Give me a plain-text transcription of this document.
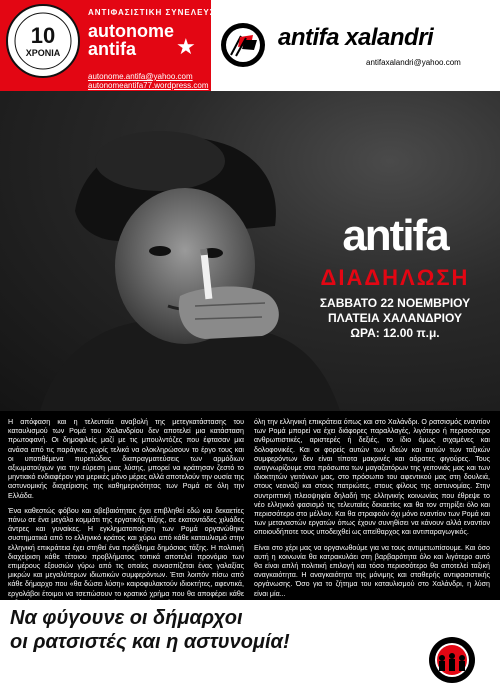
10
ΧΡΟΝΙΑ
ΑΝΤΙΦΑΣΙΣΤΙΚΗ ΣΥΝΕΛΕΥΣΗ
autonome
antifa	★
autonome.antifa@yahoo.com
autonomeantifa77.wordpress.com
antifa xalandri
antifaxalandri@yahoo.com
antifa
ΔΙΑΔΗΛΩΣΗ
ΣΑΒΒΑΤΟ 22 ΝΟΕΜΒΡΙΟΥ
ΠΛΑΤΕΙΑ ΧΑΛΑΝΔΡΙΟΥ
ΩΡΑ: 12.00 π.μ.

Η απόφαση και η τελευταία αναβολή της μετεγκατάστασης του καταυλισμού των Ρομά του Χαλανδρίου δεν αποτελεί μια κατάσταση πρωτοφανή. Οι δημοφιλείς μαζί με τις μπουλντόζες που έφτασαν μια ανάσα από τις παράγκες χωρίς τελικά να ολοκληρώσουν το έργο τους και οι υποτιθέμενα πυρετώδεις διαπραγματεύσεις των αρμόδιων αξιωματούχων για την εύρεση μιας λύσης, μπορεί να κράτησαν ζεστό το μηντιακό ενδιαφέρον για μερικές μόνο μέρες αλλά αποτελούν την ουσία της αστυνομικής διαχείρισης της καθημερινότητας των Ρομά σε όλη την Ελλάδα.

Ένα καθεστώς φόβου και αβεβαιότητας έχει επιβληθεί εδώ και δεκαετίες πάνω σε ένα μεγάλο κομμάτι της εργατικής τάξης, σε εκατοντάδες χιλιάδες άντρες και γυναίκες. Η εγκληματοποίηση των Ρομά οργανώθηκε συστηματικά από το ελληνικό κράτος και χύρω από κάθε καταυλισμό στην ελληνική επικράτεια έχει στηθεί ένα πρόβλημα δημόσιας τάξης. Η πολιτική διαχείριση κάθε τέτοιου προβλήματος τοπικά αποτελεί προνόμιο των επιμέρους εξουσιών γύρω από τις οποίες συνασπίζεται ένας γαλαξίας μικρών και μεγαλύτερων ιδιωτικών συμφερόντων. Έτσι λοιπόν πίσω από κάθε δήμαρχο που «θα δώσει λύση» καιροφυλακτούν ιδιοκτήτες, αφεντικά, εργολάβοι έτοιμοι να τσεπώσουν το κρατικό χρήμα που θα αποφέρει κάθε

όλη την ελληνική επικράτεια όπως και στο Χαλάνδρι. Ο ρατσισμός εναντίον των Ρομά μπορεί να έχει διάφορες παραλλαγές, λιγότερο ή περισσότερο ανθρωπιστικές, αριστερές ή δεξιές, το ίδιο όμως σιχαμένες και δολοφονικές. Και οι φορείς αυτών των ιδεών και αυτών των ταξικών συμφερόντων δεν είναι τίποτα μακρινές και αόρατες φιγούρες. Τους αναγνωρίζουμε στα πρόσωπα των μαγαζατόρων της γειτονιάς μας και των ιδιοκτητών γειτόνων μας, στο πρόσωπο του αφεντικού μας στη δουλειά, στους νεοναζί και στους πατριώτες, στους φίλους της αστυνομίας. Στην συντριπτική πλειοψηφία δηλαδή της ελληνικής κοινωνίας που έθρεψε το νέο ελληνικό φασισμό τις τελευταίες δεκαετίες και θα τον στηρίξει όλο και περισσότερο στο μέλλον. Και θα στραφούν όχι μόνο εναντίον των Ρομά και των μεταναστών εργατών όπως έχουν συνηθίσει να κάνουν αλλά εναντίον οποιουδήποτε τους υποδειχθεί ως απείθαρχος και αντιπαραγωγικός.

Είναι στο χέρι μας να οργανωθούμε για να τους αντιμετωπίσουμε. Και όσο αυτή η κοινωνία θα κατρακυλάει στη βαρβαρότητα όλο και λιγότερο αυτό θα είναι απλή πολιτική επιλογή και τόσο περισσότερο θα αποτελεί ταξική αναγκαιότητα. Η αναγκαιότητα της μόνιμης και σταθερής αντιφασιστικής οργάνωσης. Όσο για το ζήτημα του καταυλισμού στο Χαλάνδρι, η λύση είναι μία...

Να φύγουνε οι δήμαρχοι
οι ρατσιστές και η αστυνομία!
